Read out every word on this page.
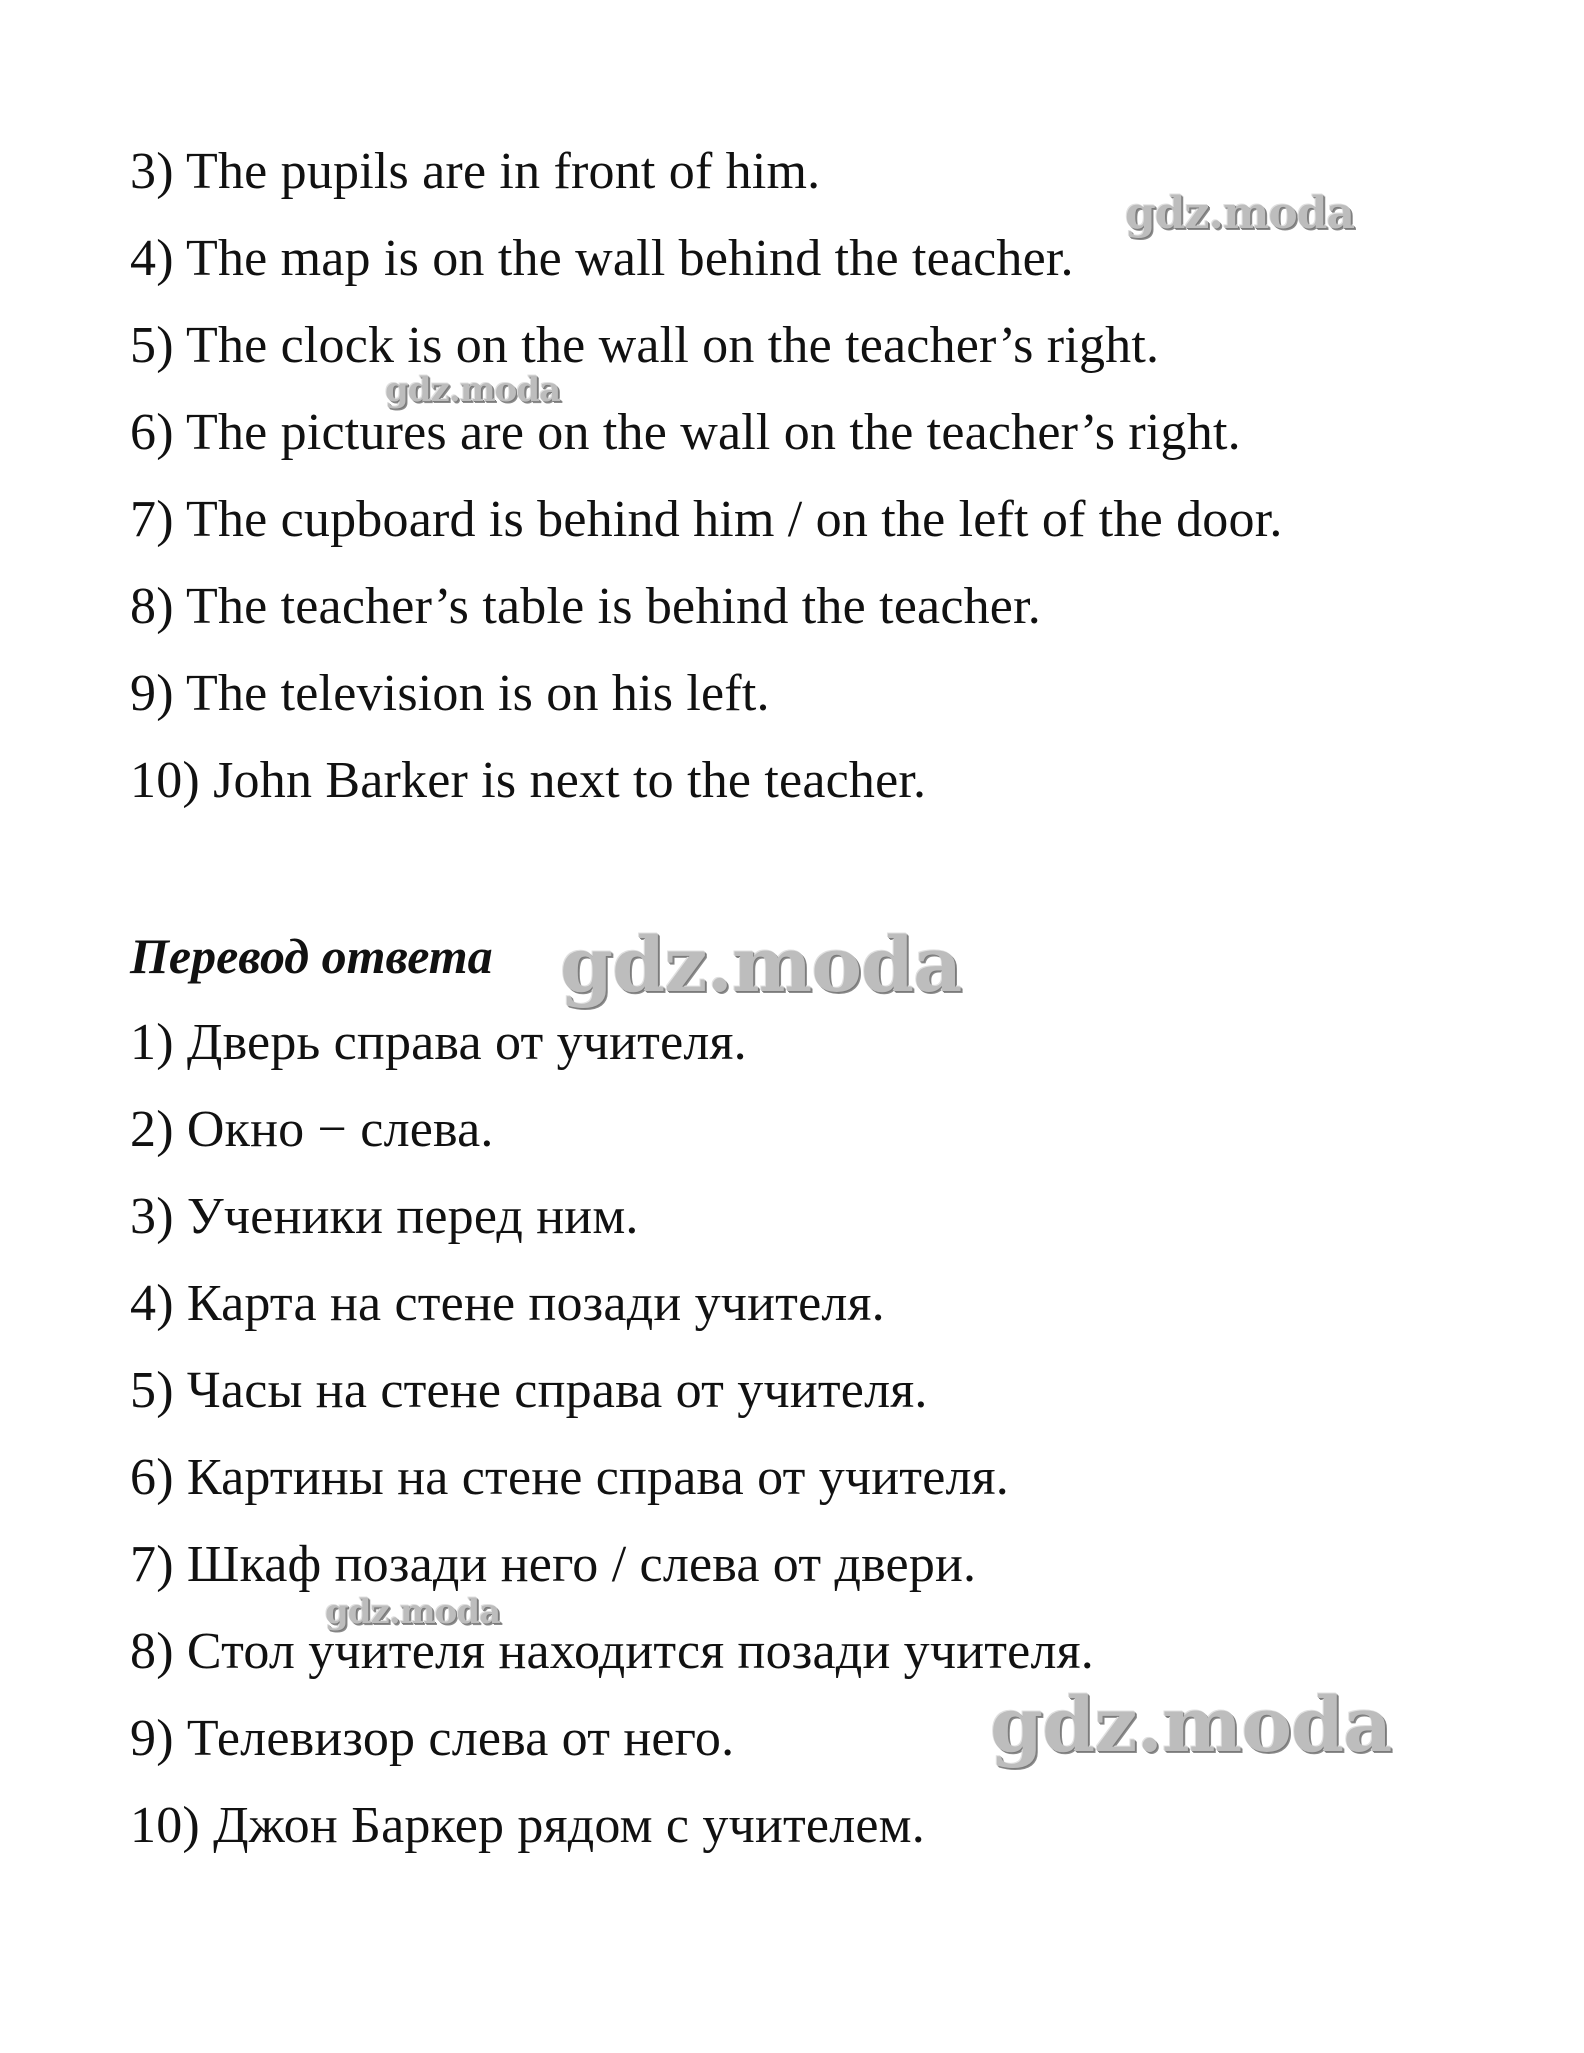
3) The pupils are in front of him.
4) The map is on the wall behind the teacher.
5) The clock is on the wall on the teacher’s right.
6) The pictures are on the wall on the teacher’s right.
7) The cupboard is behind him / on the left of the door.
8) The teacher’s table is behind the teacher.
9) The television is on his left.
10) John Barker is next to the teacher.
Перевод ответа
1) Дверь справа от учителя.
2) Окно − слева.
3) Ученики перед ним.
4) Карта на стене позади учителя.
5) Часы на стене справа от учителя.
6) Картины на стене справа от учителя.
7) Шкаф позади него / слева от двери.
8) Стол учителя находится позади учителя.
9) Телевизор слева от него.
10) Джон Баркер рядом с учителем.
gdz.moda
gdz.moda
gdz.moda
gdz.moda
gdz.moda
